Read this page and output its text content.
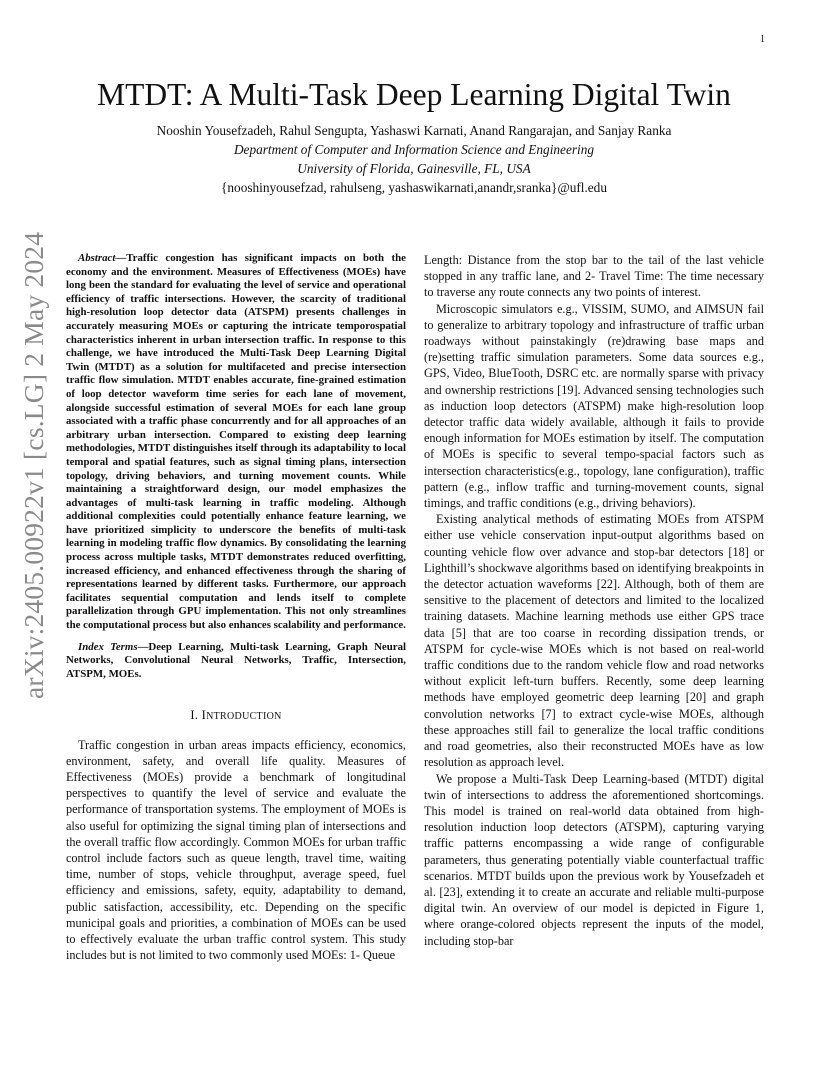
1
arXiv:2405.00922v1 [cs.LG] 2 May 2024
MTDT: A Multi-Task Deep Learning Digital Twin
Nooshin Yousefzadeh, Rahul Sengupta, Yashaswi Karnati, Anand Rangarajan, and Sanjay Ranka
Department of Computer and Information Science and Engineering
University of Florida, Gainesville, FL, USA
{nooshinyousefzad, rahulseng, yashaswikarnati,anandr,sranka}@ufl.edu

Abstract—Traffic congestion has significant impacts on both the economy and the environment. Measures of Effectiveness (MOEs) have long been the standard for evaluating the level of service and operational efficiency of traffic intersections. However, the scarcity of traditional high-resolution loop detector data (ATSPM) presents challenges in accurately measuring MOEs or capturing the intricate temporospatial characteristics inherent in urban intersection traffic. In response to this challenge, we have introduced the Multi-Task Deep Learning Digital Twin (MTDT) as a solution for multifaceted and precise intersection traffic flow simulation. MTDT enables accurate, fine-grained estimation of loop detector waveform time series for each lane of movement, alongside successful estimation of several MOEs for each lane group associated with a traffic phase concurrently and for all approaches of an arbitrary urban intersection. Compared to existing deep learning methodologies, MTDT distinguishes itself through its adaptability to local temporal and spatial features, such as signal timing plans, intersection topology, driving behaviors, and turning movement counts. While maintaining a straightforward design, our model emphasizes the advantages of multi-task learning in traffic modeling. Although additional complexities could potentially enhance feature learning, we have prioritized simplicity to underscore the benefits of multi-task learning in modeling traffic flow dynamics. By consolidating the learning process across multiple tasks, MTDT demonstrates reduced overfitting, increased efficiency, and enhanced effectiveness through the sharing of representations learned by different tasks. Furthermore, our approach facilitates sequential computation and lends itself to complete parallelization through GPU implementation. This not only streamlines the computational process but also enhances scalability and performance.

Index Terms—Deep Learning, Multi-task Learning, Graph Neural Networks, Convolutional Neural Networks, Traffic, Intersection, ATSPM, MOEs.

I. INTRODUCTION

Traffic congestion in urban areas impacts efficiency, economics, environment, safety, and overall life quality. Measures of Effectiveness (MOEs) provide a benchmark of longitudinal perspectives to quantify the level of service and evaluate the performance of transportation systems. The employment of MOEs is also useful for optimizing the signal timing plan of intersections and the overall traffic flow accordingly. Common MOEs for urban traffic control include factors such as queue length, travel time, waiting time, number of stops, vehicle throughput, average speed, fuel efficiency and emissions, safety, equity, adaptability to demand, public satisfaction, accessibility, etc. Depending on the specific municipal goals and priorities, a combination of MOEs can be used to effectively evaluate the urban traffic control system. This study includes but is not limited to two commonly used MOEs: 1- Queue

Length: Distance from the stop bar to the tail of the last vehicle stopped in any traffic lane, and 2- Travel Time: The time necessary to traverse any route connects any two points of interest.

Microscopic simulators e.g., VISSIM, SUMO, and AIMSUN fail to generalize to arbitrary topology and infrastructure of traffic urban roadways without painstakingly (re)drawing base maps and (re)setting traffic simulation parameters. Some data sources e.g., GPS, Video, BlueTooth, DSRC etc. are normally sparse with privacy and ownership restrictions [19]. Advanced sensing technologies such as induction loop detectors (ATSPM) make high-resolution loop detector traffic data widely available, although it fails to provide enough information for MOEs estimation by itself. The computation of MOEs is specific to several tempo-spacial factors such as intersection characteristics(e.g., topology, lane configuration), traffic pattern (e.g., inflow traffic and turning-movement counts, signal timings, and traffic conditions (e.g., driving behaviors).

Existing analytical methods of estimating MOEs from ATSPM either use vehicle conservation input-output algorithms based on counting vehicle flow over advance and stop-bar detectors [18] or Lighthill’s shockwave algorithms based on identifying breakpoints in the detector actuation waveforms [22]. Although, both of them are sensitive to the placement of detectors and limited to the localized training datasets. Machine learning methods use either GPS trace data [5] that are too coarse in recording dissipation trends, or ATSPM for cycle-wise MOEs which is not based on real-world traffic conditions due to the random vehicle flow and road networks without explicit left-turn buffers. Recently, some deep learning methods have employed geometric deep learning [20] and graph convolution networks [7] to extract cycle-wise MOEs, although these approaches still fail to generalize the local traffic conditions and road geometries, also their reconstructed MOEs have as low resolution as approach level.

We propose a Multi-Task Deep Learning-based (MTDT) digital twin of intersections to address the aforementioned shortcomings. This model is trained on real-world data obtained from high-resolution induction loop detectors (ATSPM), capturing varying traffic patterns encompassing a wide range of configurable parameters, thus generating potentially viable counterfactual traffic scenarios. MTDT builds upon the previous work by Yousefzadeh et al. [23], extending it to create an accurate and reliable multi-purpose digital twin. An overview of our model is depicted in Figure 1, where orange-colored objects represent the inputs of the model, including stop-bar
